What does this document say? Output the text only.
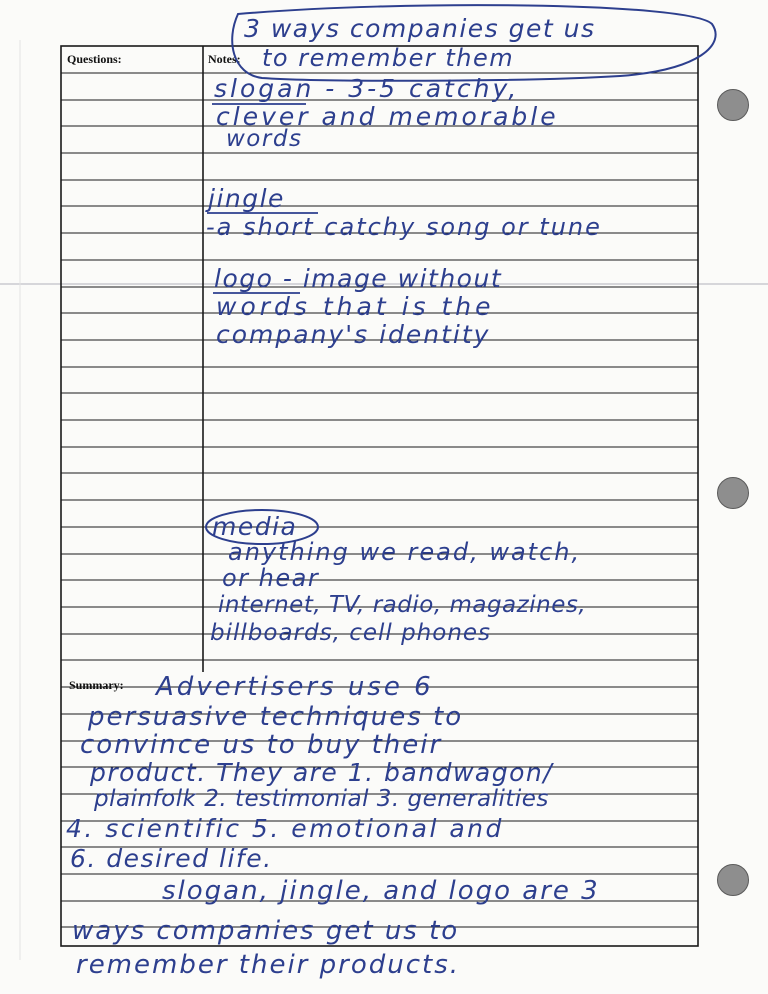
Questions:	Notes:
Summary:
3 ways companies get us
to remember them
slogan - 3-5 catchy,
clever and memorable
words
jingle
-a short catchy song or tune
logo - image without
words that is the
company's identity
media
anything we read, watch,
or hear
internet, TV, radio, magazines,
billboards, cell phones
Advertisers use 6
persuasive techniques to
convince us to buy their
product. They are 1. bandwagon/
plainfolk 2. testimonial 3. generalities
4. scientific 5. emotional and
6. desired life.
slogan, jingle, and logo are 3
ways companies get us to
remember their products.
